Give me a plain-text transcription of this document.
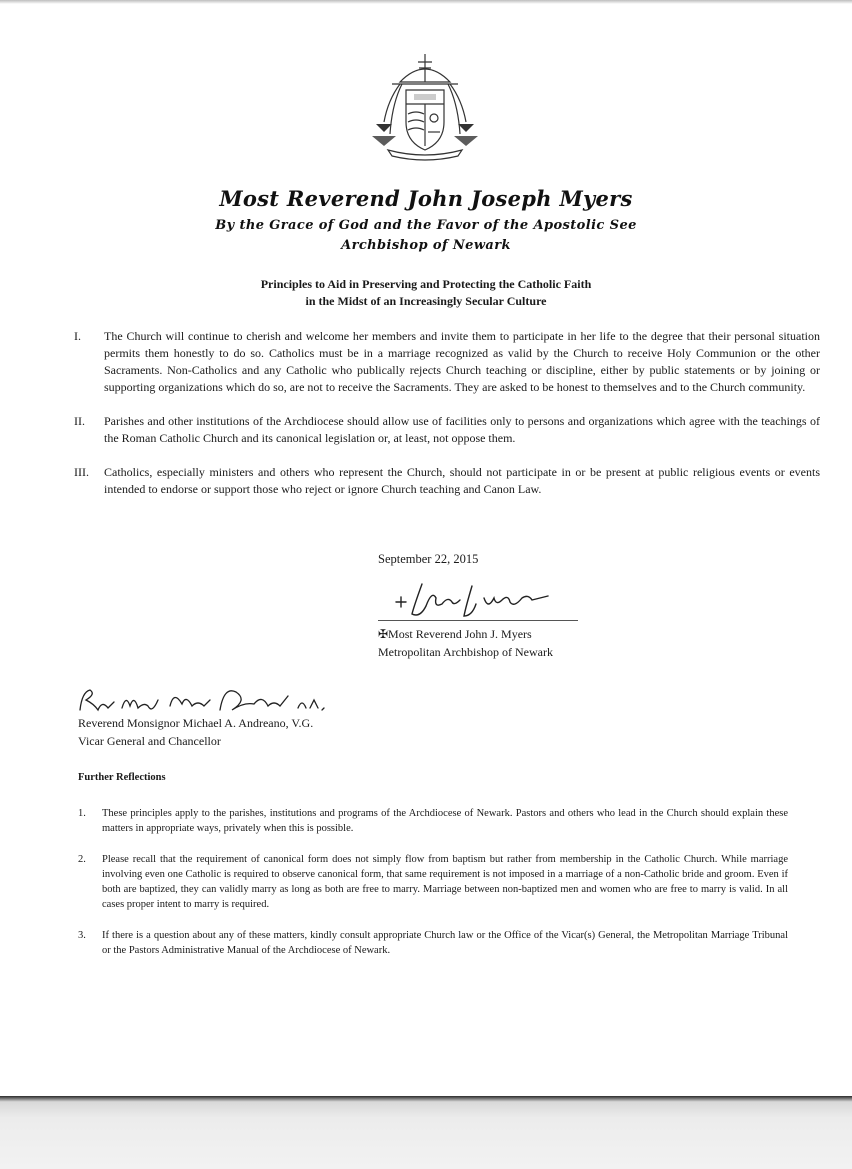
Most Reverend John Joseph Myers
By the Grace of God and the Favor of the Apostolic See
Archbishop of Newark
Principles to Aid in Preserving and Protecting the Catholic Faith
in the Midst of an Increasingly Secular Culture
I.	The Church will continue to cherish and welcome her members and invite them to participate in her life to the degree that their personal situation permits them honestly to do so. Catholics must be in a marriage recognized as valid by the Church to receive Holy Communion or the other Sacraments. Non-Catholics and any Catholic who publically rejects Church teaching or discipline, either by public statements or by joining or supporting organizations which do so, are not to receive the Sacraments. They are asked to be honest to themselves and to the Church community.
II.	Parishes and other institutions of the Archdiocese should allow use of facilities only to persons and organizations which agree with the teachings of the Roman Catholic Church and its canonical legislation or, at least, not oppose them.
III.	Catholics, especially ministers and others who represent the Church, should not participate in or be present at public religious events or events intended to endorse or support those who reject or ignore Church teaching and Canon Law.
September 22, 2015
✠Most Reverend John J. Myers
Metropolitan Archbishop of Newark
Reverend Monsignor Michael A. Andreano, V.G.
Vicar General and Chancellor
Further Reflections
1.	These principles apply to the parishes, institutions and programs of the Archdiocese of Newark. Pastors and others who lead in the Church should explain these matters in appropriate ways, privately when this is possible.
2.	Please recall that the requirement of canonical form does not simply flow from baptism but rather from membership in the Catholic Church. While marriage involving even one Catholic is required to observe canonical form, that same requirement is not imposed in a marriage of a non-Catholic bride and groom. Even if both are baptized, they can validly marry as long as both are free to marry. Marriage between non-baptized men and women who are free to marry is valid. In all cases proper intent to marry is required.
3.	If there is a question about any of these matters, kindly consult appropriate Church law or the Office of the Vicar(s) General, the Metropolitan Marriage Tribunal or the Pastors Administrative Manual of the Archdiocese of Newark.
